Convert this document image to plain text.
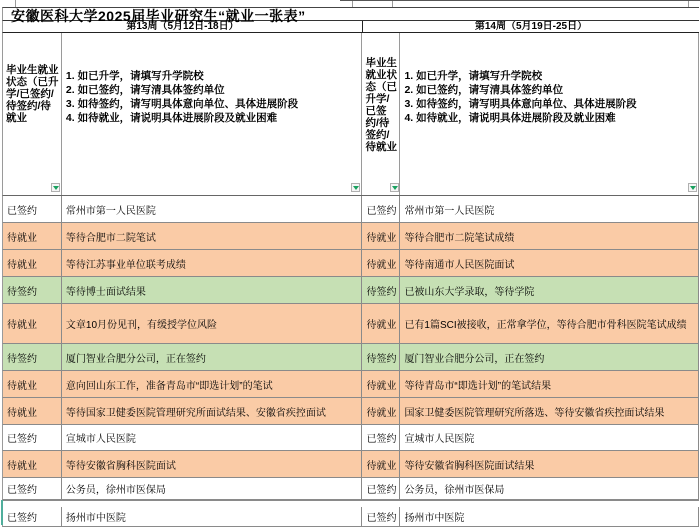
安徽医科大学2025届毕业研究生“就业一张表”
第13周（5月12日-18日）	第14周（5月19日-25日）
毕业生就业状态（已升学/已签约/待签约/待就业
1. 如已升学，请填写升学院校
2. 如已签约，请写清具体签约单位
3. 如待签约，请写明具体意向单位、具体进展阶段
4. 如待就业，请说明具体进展阶段及就业困难
毕业生就业状态（已升学/已签约/待签约/待就业
1. 如已升学，请填写升学院校
2. 如已签约，请写清具体签约单位
3. 如待签约，请写明具体意向单位、具体进展阶段
4. 如待就业，请说明具体进展阶段及就业困难
已签约	常州市第一人民医院	已签约 常州市第一人民医院
待就业	等待合肥市二院笔试	待就业 等待合肥市二院笔试成绩
待就业	等待江苏事业单位联考成绩	待就业 等待南通市人民医院面试
待签约	等待博士面试结果	待签约 已被山东大学录取，等待学院
待就业	文章10月份见刊，有缓授学位风险	待就业 已有1篇SCI被接收，正常拿学位，等待合肥市骨科医院笔试成绩
待签约	厦门智业合肥分公司，正在签约	待签约 厦门智业合肥分公司，正在签约
待就业	意向回山东工作，准备青岛市“即选计划”的笔试	待就业 等待青岛市“即选计划”的笔试结果
待就业	等待国家卫健委医院管理研究所面试结果、安徽省疾控面试	待就业 国家卫健委医院管理研究所落选、等待安徽省疾控面试结果
已签约	宣城市人民医院	已签约 宣城市人民医院
待就业	等待安徽省胸科医院面试	待就业 等待安徽省胸科医院面试结果
已签约	公务员，徐州市医保局	已签约 公务员，徐州市医保局
已签约	扬州市中医院	已签约 扬州市中医院
